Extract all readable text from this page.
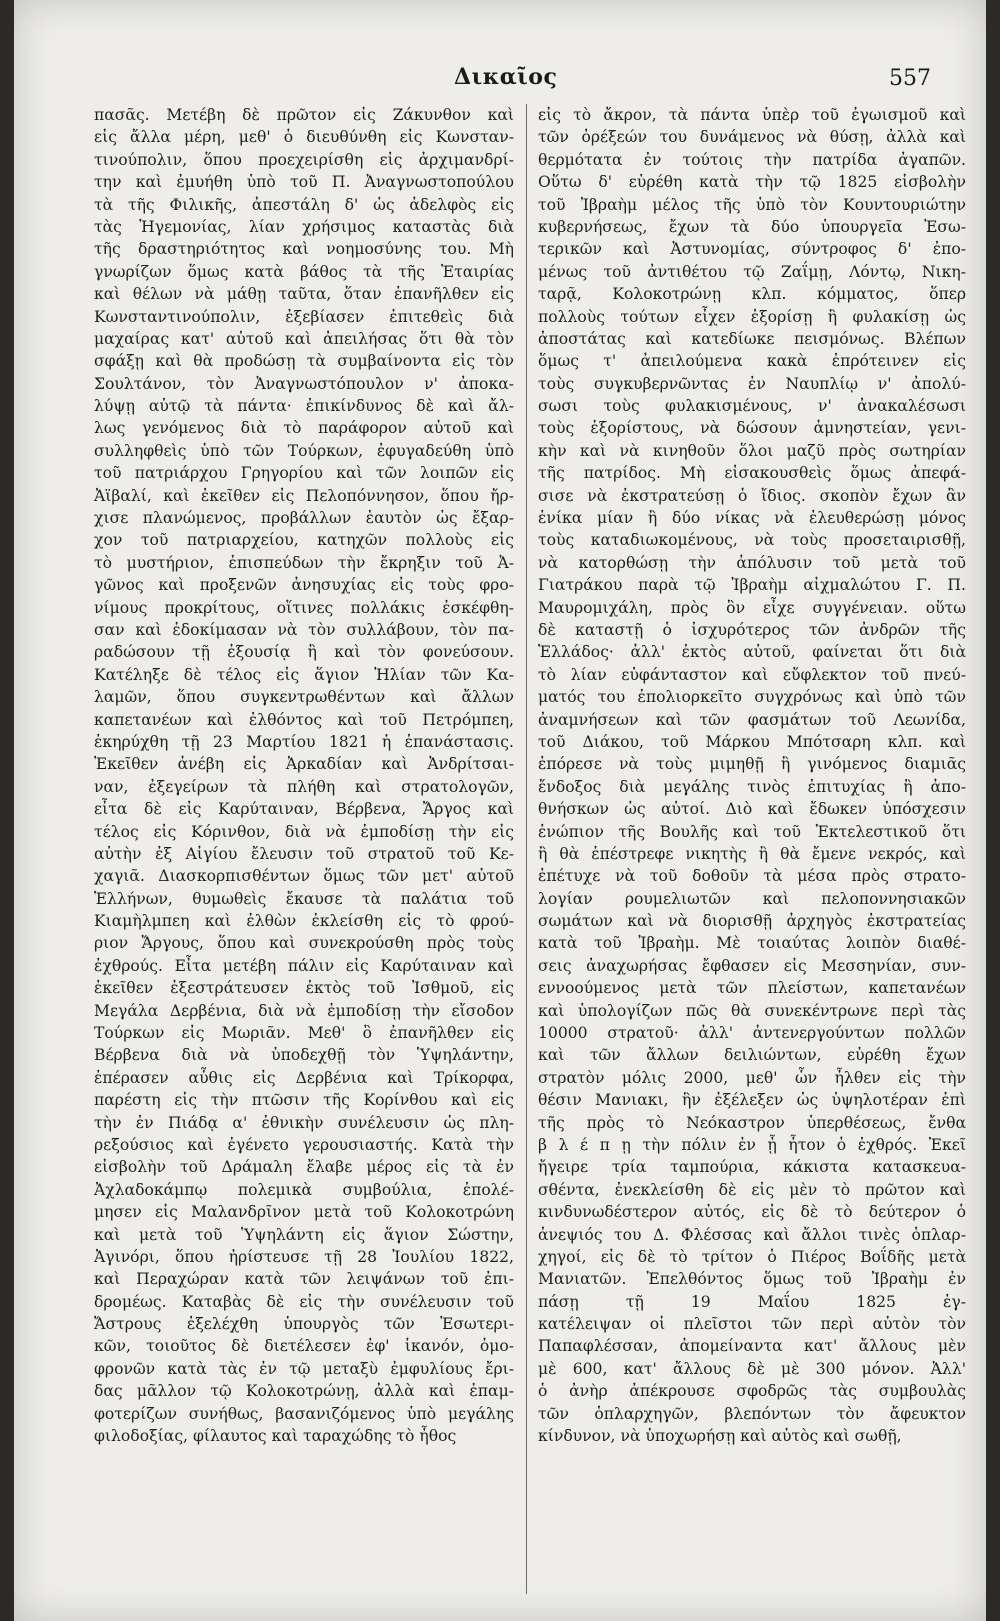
Δικαῖος	557
πασᾶς. Μετέβη δὲ πρῶτον εἰς Ζάκυνθον καὶ
εἰς ἄλλα μέρη, μεθ' ὁ διευθύνθη εἰς Κωνσταν-
τινούπολιν, ὅπου προεχειρίσθη εἰς ἀρχιμανδρί-
την καὶ ἐμυήθη ὑπὸ τοῦ Π. Ἀναγνωστοπούλου
τὰ τῆς Φιλικῆς, ἀπεστάλη δ' ὡς ἀδελφὸς εἰς
τὰς Ἡγεμονίας, λίαν χρήσιμος καταστὰς διὰ
τῆς δραστηριότητος καὶ νοημοσύνης του. Μὴ
γνωρίζων ὅμως κατὰ βάθος τὰ τῆς Ἑταιρίας
καὶ θέλων νὰ μάθῃ ταῦτα, ὅταν ἐπανῆλθεν εἰς
Κωνσταντινούπολιν, ἐξεβίασεν ἐπιτεθεὶς διὰ
μαχαίρας κατ' αὐτοῦ καὶ ἀπειλήσας ὅτι θὰ τὸν
σφάξῃ καὶ θὰ προδώσῃ τὰ συμβαίνοντα εἰς τὸν
Σουλτάνον, τὸν Ἀναγνωστόπουλον ν' ἀποκα-
λύψῃ αὐτῷ τὰ πάντα· ἐπικίνδυνος δὲ καὶ ἄλ-
λως γενόμενος διὰ τὸ παράφορον αὐτοῦ καὶ
συλληφθεὶς ὑπὸ τῶν Τούρκων, ἐφυγαδεύθη ὑπὸ
τοῦ πατριάρχου Γρηγορίου καὶ τῶν λοιπῶν εἰς
Ἀϊβαλί, καὶ ἐκεῖθεν εἰς Πελοπόννησον, ὅπου ἤρ-
χισε πλανώμενος, προβάλλων ἑαυτὸν ὡς ἔξαρ-
χον τοῦ πατριαρχείου, κατηχῶν πολλοὺς εἰς
τὸ μυστήριον, ἐπισπεύδων τὴν ἔκρηξιν τοῦ Ἀ-
γῶνος καὶ προξενῶν ἀνησυχίας εἰς τοὺς φρο-
νίμους προκρίτους, οἵτινες πολλάκις ἐσκέφθη-
σαν καὶ ἐδοκίμασαν νὰ τὸν συλλάβουν, τὸν πα-
ραδώσουν τῇ ἐξουσίᾳ ἢ καὶ τὸν φονεύσουν.
Κατέληξε δὲ τέλος εἰς ἅγιον Ἠλίαν τῶν Κα-
λαμῶν, ὅπου συγκεντρωθέντων καὶ ἄλλων
καπετανέων καὶ ἐλθόντος καὶ τοῦ Πετρόμπεη,
ἐκηρύχθη τῇ 23 Μαρτίου 1821 ἡ ἐπανάστασις.
Ἐκεῖθεν ἀνέβη εἰς Ἀρκαδίαν καὶ Ἀνδρίτσαι-
ναν, ἐξεγείρων τὰ πλήθη καὶ στρατολογῶν,
εἶτα δὲ εἰς Καρύταιναν, Βέρβενα, Ἄργος καὶ
τέλος εἰς Κόρινθον, διὰ νὰ ἐμποδίσῃ τὴν εἰς
αὐτὴν ἐξ Αἰγίου ἔλευσιν τοῦ στρατοῦ τοῦ Κε-
χαγιᾶ. Διασκορπισθέντων ὅμως τῶν μετ' αὐτοῦ
Ἑλλήνων, θυμωθεὶς ἔκαυσε τὰ παλάτια τοῦ
Κιαμὴλμπεη καὶ ἐλθὼν ἐκλείσθη εἰς τὸ φρού-
ριον Ἄργους, ὅπου καὶ συνεκρούσθη πρὸς τοὺς
ἐχθρούς. Εἶτα μετέβη πάλιν εἰς Καρύταιναν καὶ
ἐκεῖθεν ἐξεστράτευσεν ἐκτὸς τοῦ Ἰσθμοῦ, εἰς
Μεγάλα Δερβένια, διὰ νὰ ἐμποδίσῃ τὴν εἴσοδον
Τούρκων εἰς Μωριᾶν. Μεθ' ὃ ἐπανῆλθεν εἰς
Βέρβενα διὰ νὰ ὑποδεχθῇ τὸν Ὑψηλάντην,
ἐπέρασεν αὖθις εἰς Δερβένια καὶ Τρίκορφα,
παρέστη εἰς τὴν πτῶσιν τῆς Κορίνθου καὶ εἰς
τὴν ἐν Πιάδᾳ α' ἐθνικὴν συνέλευσιν ὡς πλη-
ρεξούσιος καὶ ἐγένετο γερουσιαστής. Κατὰ τὴν
εἰσβολὴν τοῦ Δράμαλη ἔλαβε μέρος εἰς τὰ ἐν
Ἀχλαδοκάμπῳ πολεμικὰ συμβούλια, ἐπολέ-
μησεν εἰς Μαλανδρῖνον μετὰ τοῦ Κολοκοτρώνη
καὶ μετὰ τοῦ Ὑψηλάντη εἰς ἅγιον Σώστην,
Ἀγινόρι, ὅπου ἠρίστευσε τῇ 28 Ἰουλίου 1822,
καὶ Περαχώραν κατὰ τῶν λειψάνων τοῦ ἐπι-
δρομέως. Καταβὰς δὲ εἰς τὴν συνέλευσιν τοῦ
Ἄστρους ἐξελέχθη ὑπουργὸς τῶν Ἐσωτερι-
κῶν, τοιοῦτος δὲ διετέλεσεν ἐφ' ἱκανόν, ὁμο-
φρονῶν κατὰ τὰς ἐν τῷ μεταξὺ ἐμφυλίους ἔρι-
δας μᾶλλον τῷ Κολοκοτρώνῃ, ἀλλὰ καὶ ἐπαμ-
φοτερίζων συνήθως, βασανιζόμενος ὑπὸ μεγάλης
φιλοδοξίας, φίλαυτος καὶ ταραχώδης τὸ ἦθος
εἰς τὸ ἄκρον, τὰ πάντα ὑπὲρ τοῦ ἐγωισμοῦ καὶ
τῶν ὀρέξεών του δυνάμενος νὰ θύσῃ, ἀλλὰ καὶ
θερμότατα ἐν τούτοις τὴν πατρίδα ἀγαπῶν.
Οὕτω δ' εὑρέθη κατὰ τὴν τῷ 1825 εἰσβολὴν
τοῦ Ἰβραὴμ μέλος τῆς ὑπὸ τὸν Κουντουριώτην
κυβερνήσεως, ἔχων τὰ δύο ὑπουργεῖα Ἐσω-
τερικῶν καὶ Ἀστυνομίας, σύντροφος δ' ἐπο-
μένως τοῦ ἀντιθέτου τῷ Ζαΐμῃ, Λόντῳ, Νικη-
ταρᾷ, Κολοκοτρώνῃ κλπ. κόμματος, ὅπερ
πολλοὺς τούτων εἶχεν ἐξορίσῃ ἢ φυλακίσῃ ὡς
ἀποστάτας καὶ κατεδίωκε πεισμόνως. Βλέπων
ὅμως τ' ἀπειλούμενα κακὰ ἐπρότεινεν εἰς
τοὺς συγκυβερνῶντας ἐν Ναυπλίῳ ν' ἀπολύ-
σωσι τοὺς φυλακισμένους, ν' ἀνακαλέσωσι
τοὺς ἐξορίστους, νὰ δώσουν ἀμνηστείαν, γενι-
κὴν καὶ νὰ κινηθοῦν ὅλοι μαζῦ πρὸς σωτηρίαν
τῆς πατρίδος. Μὴ εἰσακουσθεὶς ὅμως ἀπεφά-
σισε νὰ ἐκστρατεύσῃ ὁ ἴδιος. σκοπὸν ἔχων ἂν
ἐνίκα μίαν ἢ δύο νίκας νὰ ἐλευθερώσῃ μόνος
τοὺς καταδιωκομένους, νὰ τοὺς προσεταιρισθῇ,
νὰ κατορθώσῃ τὴν ἀπόλυσιν τοῦ μετὰ τοῦ
Γιατράκου παρὰ τῷ Ἰβραὴμ αἰχμαλώτου Γ. Π.
Μαυρομιχάλη, πρὸς ὃν εἶχε συγγένειαν. οὕτω
δὲ καταστῇ ὁ ἰσχυρότερος τῶν ἀνδρῶν τῆς
Ἑλλάδος· ἀλλ' ἐκτὸς αὐτοῦ, φαίνεται ὅτι διὰ
τὸ λίαν εὐφάνταστον καὶ εὔφλεκτον τοῦ πνεύ-
ματός του ἐπολιορκεῖτο συγχρόνως καὶ ὑπὸ τῶν
ἀναμνήσεων καὶ τῶν φασμάτων τοῦ Λεωνίδα,
τοῦ Διάκου, τοῦ Μάρκου Μπότσαρη κλπ. καὶ
ἐπόρεσε νὰ τοὺς μιμηθῇ ἢ γινόμενος διαμιᾶς
ἔνδοξος διὰ μεγάλης τινὸς ἐπιτυχίας ἢ ἀπο-
θνήσκων ὡς αὐτοί. Διὸ καὶ ἔδωκεν ὑπόσχεσιν
ἐνώπιον τῆς Βουλῆς καὶ τοῦ Ἐκτελεστικοῦ ὅτι
ἢ θὰ ἐπέστρεφε νικητὴς ἢ θὰ ἔμενε νεκρός, καὶ
ἐπέτυχε νὰ τοῦ δοθοῦν τὰ μέσα πρὸς στρατο-
λογίαν ρουμελιωτῶν καὶ πελοποννησιακῶν
σωμάτων καὶ νὰ διορισθῇ ἀρχηγὸς ἐκστρατείας
κατὰ τοῦ Ἰβραὴμ. Μὲ τοιαύτας λοιπὸν διαθέ-
σεις ἀναχωρήσας ἔφθασεν εἰς Μεσσηνίαν, συν-
εννοούμενος μετὰ τῶν πλείστων, καπετανέων
καὶ ὑπολογίζων πῶς θὰ συνεκέντρωνε περὶ τὰς
10000 στρατοῦ· ἀλλ' ἀντενεργούντων πολλῶν
καὶ τῶν ἄλλων δειλιώντων, εὑρέθη ἔχων
στρατὸν μόλις 2000, μεθ' ὧν ἦλθεν εἰς τὴν
θέσιν Μανιακι, ἣν ἐξέλεξεν ὡς ὑψηλοτέραν ἐπὶ
τῆς πρὸς τὸ Νεόκαστρον ὑπερθέσεως, ἔνθα
β λ έ π ῃ τὴν πόλιν ἐν ᾗ ἦτον ὁ ἐχθρός. Ἐκεῖ
ἤγειρε τρία ταμπούρια, κάκιστα κατασκευα-
σθέντα, ἐνεκλείσθη δὲ εἰς μὲν τὸ πρῶτον καὶ
κινδυνωδέστερον αὐτός, εἰς δὲ τὸ δεύτερον ὁ
ἀνεψιός του Δ. Φλέσσας καὶ ἄλλοι τινὲς ὁπλαρ-
χηγοί, εἰς δὲ τὸ τρίτον ὁ Πιέρος Βοΐδῆς μετὰ
Μανιατῶν. Ἐπελθόντος ὅμως τοῦ Ἰβραὴμ ἐν
πάσῃ τῇ 19 Μαΐου 1825 ἐγ-
κατέλειψαν οἱ πλεῖστοι τῶν περὶ αὐτὸν τὸν
Παπαφλέσσαν, ἀπομείναντα κατ' ἄλλους μὲν
μὲ 600, κατ' ἄλλους δὲ μὲ 300 μόνον. Ἀλλ'
ὁ ἀνὴρ ἀπέκρουσε σφοδρῶς τὰς συμβουλὰς
τῶν ὁπλαρχηγῶν, βλεπόντων τὸν ἄφευκτον
κίνδυνον, νὰ ὑποχωρήσῃ καὶ αὐτὸς καὶ σωθῇ,
